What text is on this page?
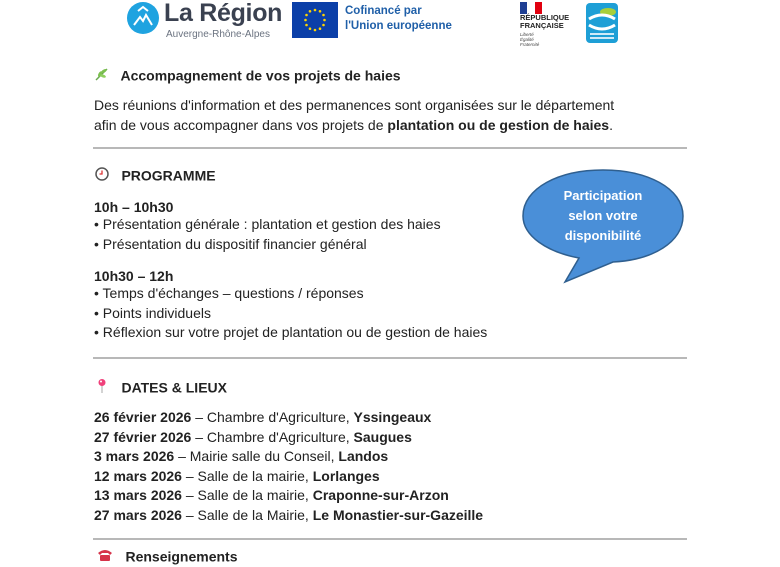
La Région
Auvergne-Rhône-Alpes
Cofinancé par
l'Union européenne
RÉPUBLIQUE
FRANÇAISE
Liberté
Égalité
Fraternité
Accompagnement de vos projets de haies
Des réunions d'information et des permanences sont organisées sur le département
afin de vous accompagner dans vos projets de plantation ou de gestion de haies.
PROGRAMME
10h – 10h30
• Présentation générale : plantation et gestion des haies
• Présentation du dispositif financier général
10h30 – 12h
• Temps d'échanges – questions / réponses
• Points individuels
• Réflexion sur votre projet de plantation ou de gestion de haies
Participation
selon votre
disponibilité
DATES & LIEUX
26 février 2026 – Chambre d'Agriculture, Yssingeaux
27 février 2026 – Chambre d'Agriculture, Saugues
3 mars 2026 – Mairie salle du Conseil, Landos
12 mars 2026 – Salle de la mairie, Lorlanges
13 mars 2026 – Salle de la mairie, Craponne-sur-Arzon
27 mars 2026 – Salle de la Mairie, Le Monastier-sur-Gazeille
Renseignements
